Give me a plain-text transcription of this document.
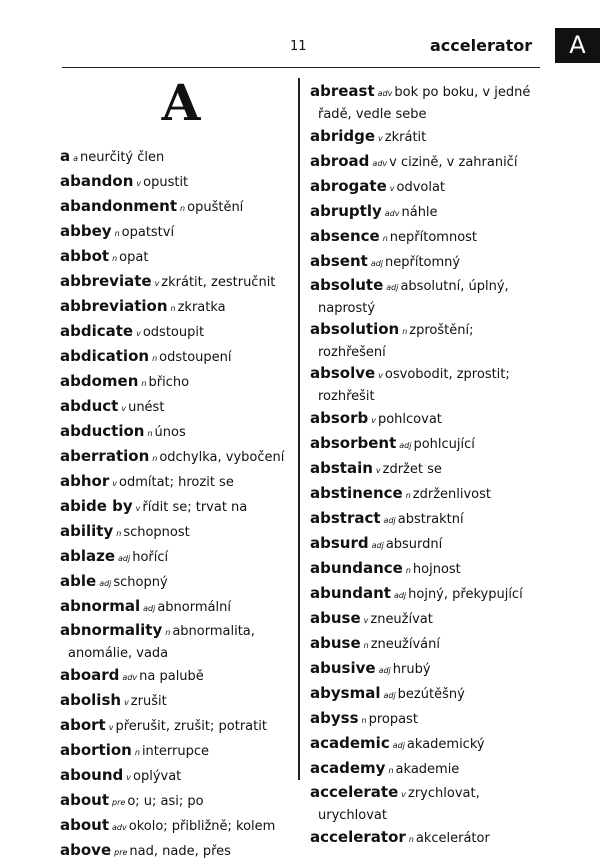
11	accelerator	A
A
aa neurčitý člen
abandon v opustit
abandonment n opuštění
abbey n opatství
abbot n opat
abbreviate v zkrátit, zestručnit
abbreviation n zkratka
abdicate v odstoupit
abdication n odstoupení
abdomen n břicho
abduct v unést
abduction n únos
aberration n odchylka, vybočení
abhor v odmítat; hrozit se
abide by v řídit se; trvat na
ability n schopnost
ablaze adj hořící
able adj schopný
abnormal adj abnormální
abnormality n abnormalita,
anomálie, vada
aboard adv na palubě
abolish v zrušit
abort v přerušit, zrušit; potratit
abortion n interrupce
abound v oplývat
about pre o; u; asi; po
about adv okolo; přibližně; kolem
above pre nad, nade, přes
abreast adv bok po boku, v jedné
řadě, vedle sebe
abridge v zkrátit
abroad adv v cizině, v zahraničí
abrogate v odvolat
abruptly adv náhle
absence n nepřítomnost
absent adj nepřítomný
absolute adj absolutní, úplný,
naprostý
absolution n zproštění;
rozhřešení
absolve v osvobodit, zprostit;
rozhřešit
absorb v pohlcovat
absorbent adj pohlcující
abstain v zdržet se
abstinence n zdrženlivost
abstract adj abstraktní
absurd adj absurdní
abundance n hojnost
abundant adj hojný, překypující
abuse v zneužívat
abuse n zneužívání
abusive adj hrubý
abysmal adj bezútěšný
abyss n propast
academic adj akademický
academy n akademie
accelerate v zrychlovat,
urychlovat
accelerator n akcelerátor
